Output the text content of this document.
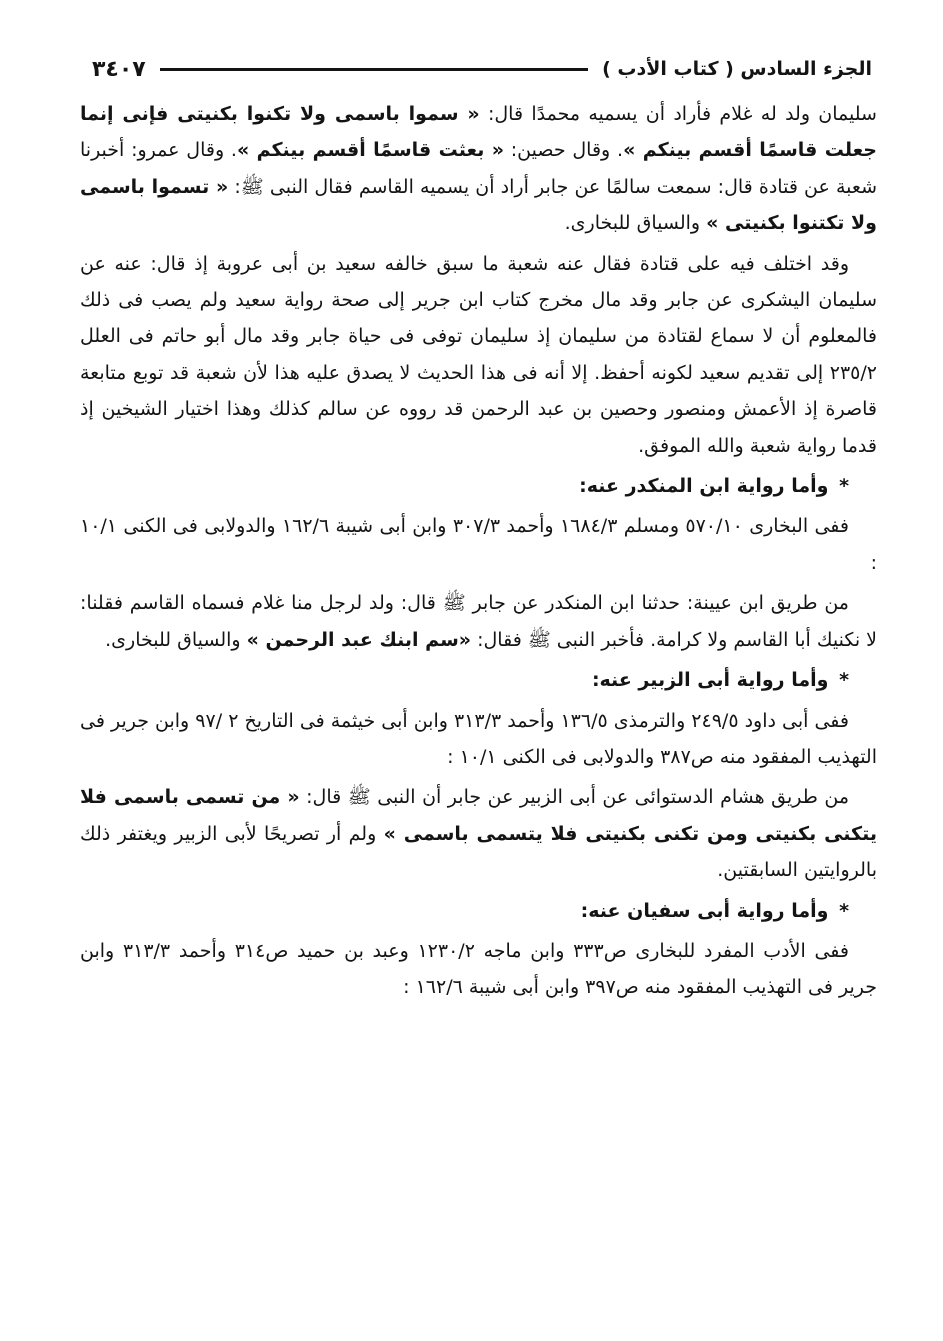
الجزء السادس ( كتاب الأدب )
٣٤٠٧

سليمان ولد له غلام فأراد أن يسميه محمدًا قال: « سموا باسمى ولا تكنوا بكنيتى فإنى إنما جعلت قاسمًا أقسم بينكم ». وقال حصين: « بعثت قاسمًا أقسم بينكم ». وقال عمرو: أخبرنا شعبة عن قتادة قال: سمعت سالمًا عن جابر أراد أن يسميه القاسم فقال النبى ﷺ: « تسموا باسمى ولا تكتنوا بكنيتى » والسياق للبخارى.

وقد اختلف فيه على قتادة فقال عنه شعبة ما سبق خالفه سعيد بن أبى عروبة إذ قال: عنه عن سليمان اليشكرى عن جابر وقد مال مخرج كتاب ابن جرير إلى صحة رواية سعيد ولم يصب فى ذلك فالمعلوم أن لا سماع لقتادة من سليمان إذ سليمان توفى فى حياة جابر وقد مال أبو حاتم فى العلل ٢٣٥/٢ إلى تقديم سعيد لكونه أحفظ. إلا أنه فى هذا الحديث لا يصدق عليه هذا لأن شعبة قد توبع متابعة قاصرة إذ الأعمش ومنصور وحصين بن عبد الرحمن قد رووه عن سالم كذلك وهذا اختيار الشيخين إذ قدما رواية شعبة والله الموفق.

* وأما رواية ابن المنكدر عنه:

ففى البخارى ٥٧٠/١٠ ومسلم ١٦٨٤/٣ وأحمد ٣٠٧/٣ وابن أبى شيبة ١٦٢/٦ والدولابى فى الكنى ١٠/١ :

من طريق ابن عيينة: حدثنا ابن المنكدر عن جابر ﷺ قال: ولد لرجل منا غلام فسماه القاسم فقلنا: لا نكنيك أبا القاسم ولا كرامة. فأخبر النبى ﷺ فقال: «سم ابنك عبد الرحمن » والسياق للبخارى.

* وأما رواية أبى الزبير عنه:

ففى أبى داود ٢٤٩/٥ والترمذى ١٣٦/٥ وأحمد ٣١٣/٣ وابن أبى خيثمة فى التاريخ ٢ /٩٧ وابن جرير فى التهذيب المفقود منه ص٣٨٧ والدولابى فى الكنى ١٠/١ :

من طريق هشام الدستوائى عن أبى الزبير عن جابر أن النبى ﷺ قال: « من تسمى باسمى فلا يتكنى بكنيتى ومن تكنى بكنيتى فلا يتسمى باسمى » ولم أر تصريحًا لأبى الزبير ويغتفر ذلك بالروايتين السابقتين.

* وأما رواية أبى سفيان عنه:

ففى الأدب المفرد للبخارى ص٣٣٣ وابن ماجه ١٢٣٠/٢ وعبد بن حميد ص٣١٤ وأحمد ٣١٣/٣ وابن جرير فى التهذيب المفقود منه ص٣٩٧ وابن أبى شيبة ١٦٢/٦ :
